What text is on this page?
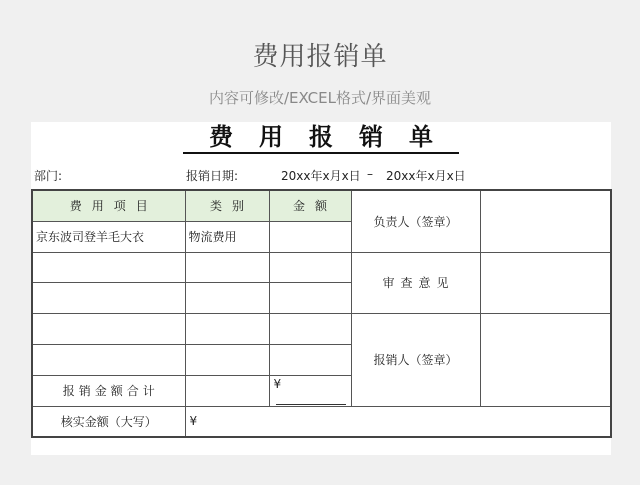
费用报销单
内容可修改/EXCEL格式/界面美观
费用报销单
部门:	报销日期:	20xx年x月x日 – 20xx年x月x日
费用项目	类别	金额	负责人（签章）	
京东波司登羊毛大衣	物流费用			
			审查意见	

			报销人（签章）	

报销金额合计		¥		
核实金额（大写）	¥			
